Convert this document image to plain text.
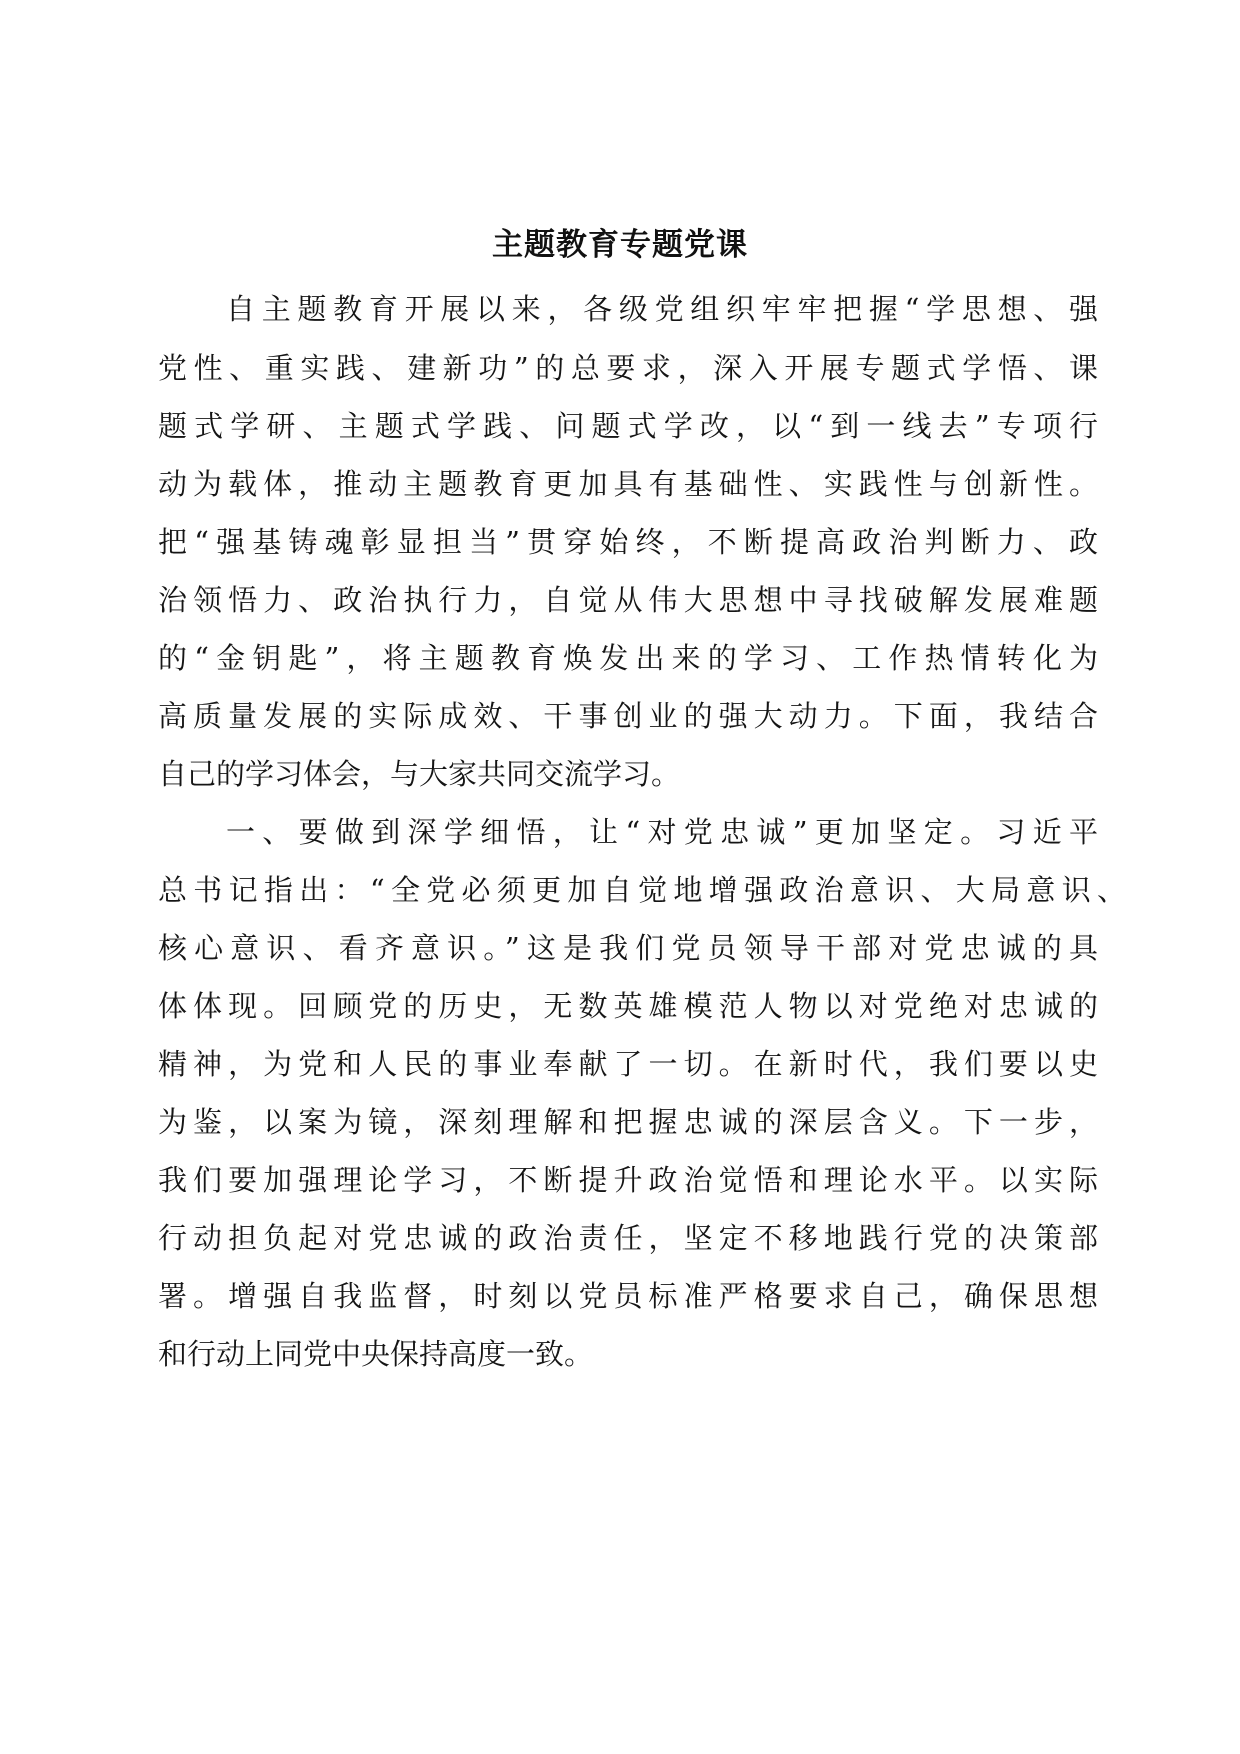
主题教育专题党课
自主题教育开展以来，各级党组织牢牢把握“学思想、强
党性、重实践、建新功”的总要求，深入开展专题式学悟、课
题式学研、主题式学践、问题式学改，以“到一线去”专项行
动为载体，推动主题教育更加具有基础性、实践性与创新性。
把“强基铸魂彰显担当”贯穿始终，不断提高政治判断力、政
治领悟力、政治执行力，自觉从伟大思想中寻找破解发展难题
的“金钥匙”，将主题教育焕发出来的学习、工作热情转化为
高质量发展的实际成效、干事创业的强大动力。下面，我结合
自己的学习体会，与大家共同交流学习。
一、要做到深学细悟，让“对党忠诚”更加坚定。习近平
总书记指出：“全党必须更加自觉地增强政治意识、大局意识、
核心意识、看齐意识。”这是我们党员领导干部对党忠诚的具
体体现。回顾党的历史，无数英雄模范人物以对党绝对忠诚的
精神，为党和人民的事业奉献了一切。在新时代，我们要以史
为鉴，以案为镜，深刻理解和把握忠诚的深层含义。下一步，
我们要加强理论学习，不断提升政治觉悟和理论水平。以实际
行动担负起对党忠诚的政治责任，坚定不移地践行党的决策部
署。增强自我监督，时刻以党员标准严格要求自己，确保思想
和行动上同党中央保持高度一致。
